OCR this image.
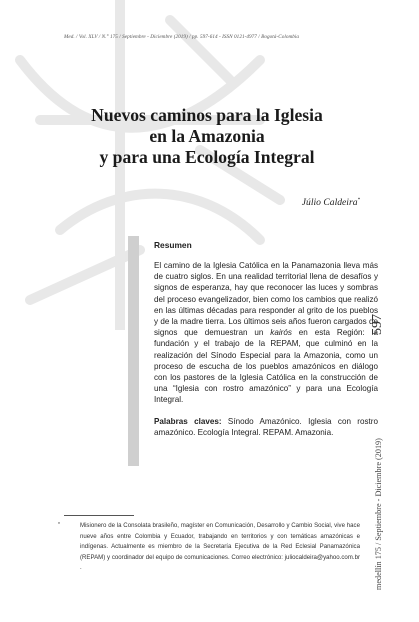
Med. / Vol. XLV / N.° 175 / Septiembre - Diciembre (2019) / pp. 597-614 - ISSN 0121-4977 / Bogotá-Colombia
Nuevos caminos para la Iglesia
en la Amazonia
y para una Ecología Integral
Júlio Caldeira*
Resumen

El camino de la Iglesia Católica en la Panamazonia lleva más de cuatro siglos. En una realidad territorial llena de desafíos y signos de esperanza, hay que reconocer las luces y sombras del proceso evangelizador, bien como los cambios que realizó en las últimas décadas para responder al grito de los pueblos y de la madre tierra. Los últimos seis años fueron cargados de signos que demuestran un kairós en esta Región: la fundación y el trabajo de la REPAM, que culminó en la realización del Sínodo Especial para la Amazonia, como un proceso de escucha de los pueblos amazónicos en diálogo con los pastores de la Iglesia Católica en la construcción de una “Iglesia con rostro amazónico” y para una Ecología Integral.

Palabras claves: Sínodo Amazónico. Iglesia con rostro amazónico. Ecología Integral. REPAM. Amazonia.
597
medellín 175 / Septiembre - Diciembre (2019)
*	Misionero de la Consolata brasileño, magíster en Comunicación, Desarrollo y Cambio Social, vive hace nueve años entre Colombia y Ecuador, trabajando en territorios y con temáticas amazónicas e indígenas. Actualmente es miembro de la Secretaría Ejecutiva de la Red Eclesial Panamazónica (REPAM) y coordinador del equipo de comunicaciones. Correo electrónico: juliocaldeira@yahoo.com.br .
